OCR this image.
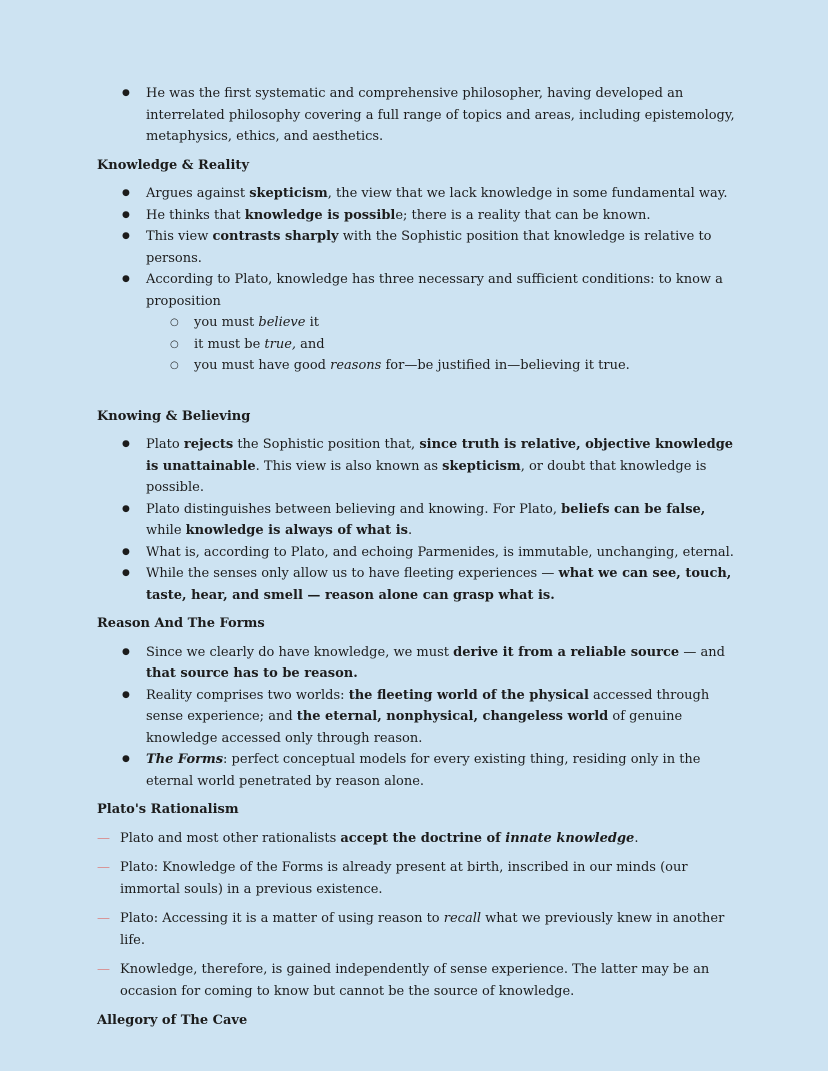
● He was the first systematic and comprehensive philosopher, having developed an interrelated philosophy covering a full range of topics and areas, including epistemology, metaphysics, ethics, and aesthetics.
Knowledge & Reality
● Argues against skepticism, the view that we lack knowledge in some fundamental way.
● He thinks that knowledge is possible; there is a reality that can be known.
● This view contrasts sharply with the Sophistic position that knowledge is relative to persons.
● According to Plato, knowledge has three necessary and sufficient conditions: to know a proposition
○ you must believe it
○ it must be true, and
○ you must have good reasons for—be justified in—believing it true.
Knowing & Believing
● Plato rejects the Sophistic position that, since truth is relative, objective knowledge is unattainable. This view is also known as skepticism, or doubt that knowledge is possible.
● Plato distinguishes between believing and knowing. For Plato, beliefs can be false, while knowledge is always of what is.
● What is, according to Plato, and echoing Parmenides, is immutable, unchanging, eternal.
● While the senses only allow us to have fleeting experiences — what we can see, touch, taste, hear, and smell — reason alone can grasp what is.
Reason And The Forms
● Since we clearly do have knowledge, we must derive it from a reliable source — and that source has to be reason.
● Reality comprises two worlds: the fleeting world of the physical accessed through sense experience; and the eternal, nonphysical, changeless world of genuine knowledge accessed only through reason.
● The Forms: perfect conceptual models for every existing thing, residing only in the eternal world penetrated by reason alone.
Plato's Rationalism

— Plato and most other rationalists accept the doctrine of innate knowledge.

— Plato: Knowledge of the Forms is already present at birth, inscribed in our minds (our immortal souls) in a previous existence.

— Plato: Accessing it is a matter of using reason to recall what we previously knew in another life.

— Knowledge, therefore, is gained independently of sense experience. The latter may be an occasion for coming to know but cannot be the source of knowledge.

Allegory of The Cave
